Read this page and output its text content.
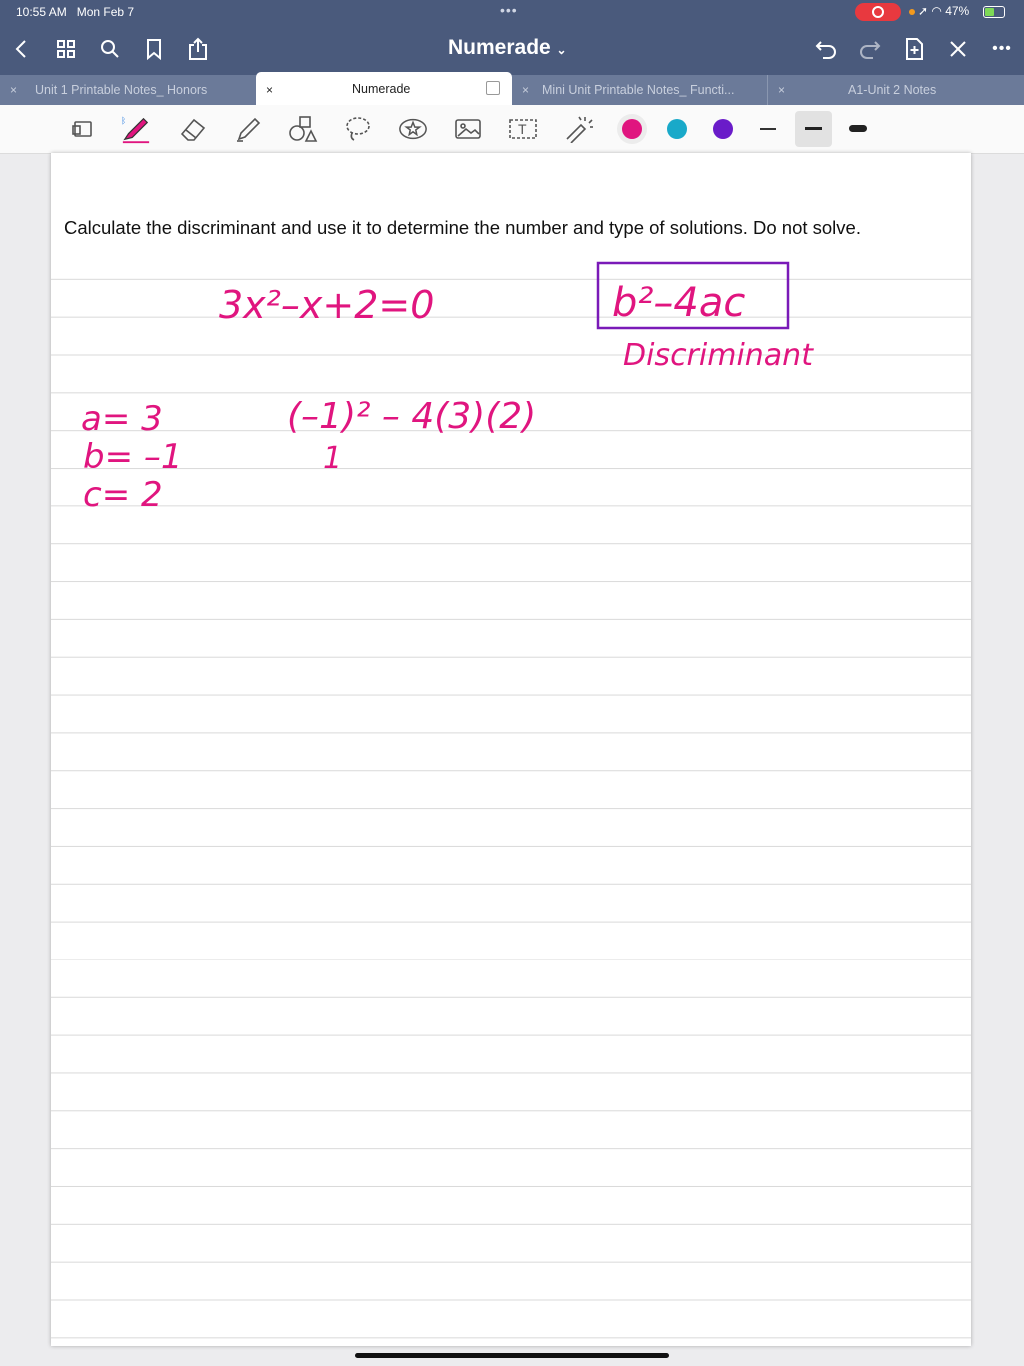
10:55 AM Mon Feb 7	•••	➚ ◠ 47%
Numerade ⌄	•••
× Unit 1 Printable Notes_ Honors	×	Numerade	× Mini Unit Printable Notes_ Functi...	×	A1-Unit 2 Notes
ᛒ
T
Calculate the discriminant and use it to determine the number and type of solutions. Do not solve.
3x²–x+2=0	b²–4ac
Discriminant
a= 3
b= –1
c= 2
(–1)² – 4(3)(2)
1
